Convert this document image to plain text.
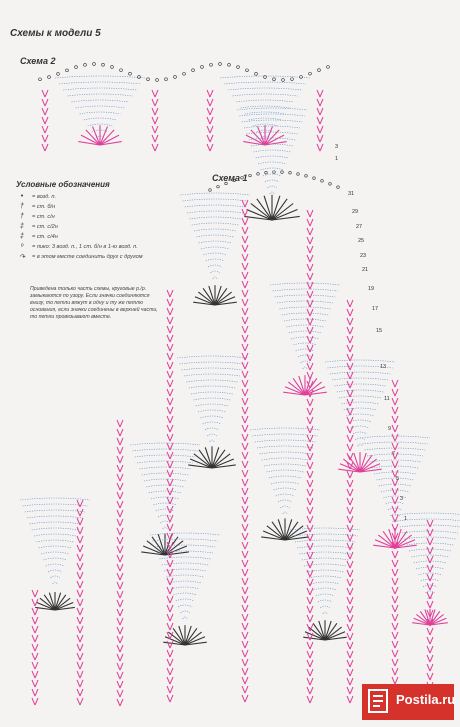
Схемы к модели 5
Схема 2
Схема 1
Условные обозначения
•	= возд. п.
†	= ст. б/н
†	= ст. с/н
‡	= ст. с/2н
‡	= ст. с/4н
ᵒ	= пико: 3 возд. п., 1 ст. б/н в 1-ю возд. п.
↷	= в этом месте соединить друг с другом
Приведена только часть схемы, круговые р./р. замыкаются по узору. Если значки соединяются внизу, то петли вяжут в одну и ту же петлю основания, если значки соединены в верхней части, то петли провязывают вместе.
31
29
27
25
23
21
19
17
15
13
11
9
7
5
3
1
3
1
Postila.ru
